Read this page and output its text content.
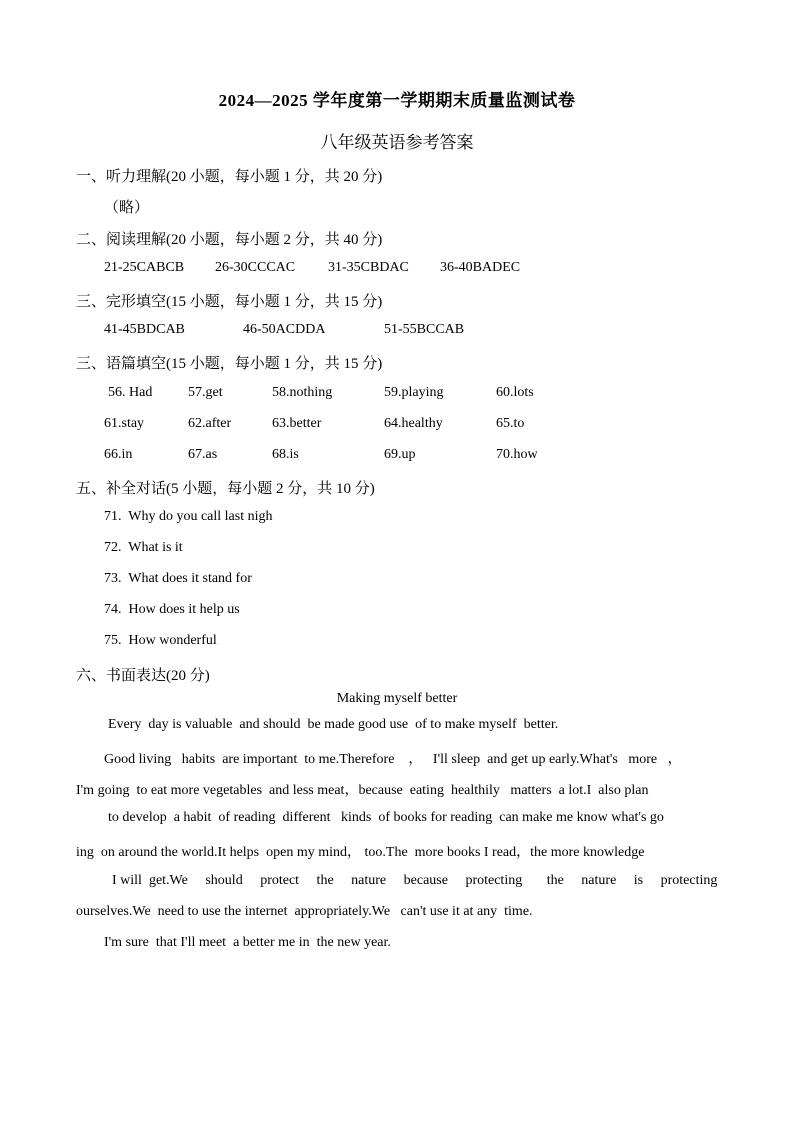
2024—2025 学年度第一学期期末质量监测试卷
八年级英语参考答案
一、听力理解(20 小题，每小题 1 分，共 20 分)
（略）
二、阅读理解(20 小题，每小题 2 分，共 40 分)
21-25CABCB 26-30CCCAC 31-35CBDAC 36-40BADEC
三、完形填空(15 小题，每小题 1 分，共 15 分)
41-45BDCAB	46-50ACDDA	51-55BCCAB
三、语篇填空(15 小题，每小题 1 分，共 15 分)
56. Had	57.get	58.nothing	59.playing	60.lots
61.stay	62.after	63.better	64.healthy	65.to
66.in	67.as	68.is	69.up	70.how
五、补全对话(5 小题，每小题 2 分，共 10 分)
71.  Why do you call last nigh
72.  What is it
73.  What does it stand for
74.  How does it help us
75.  How wonderful
六、书面表达(20 分)
Making myself better
Every  day is valuable  and should  be made good use  of to make myself  better.
Good living   habits  are important  to me.Therefore    ，   I'll sleep  and get up early.What's   more   ，
I'm going  to eat more vegetables  and less meat，because  eating  healthily   matters  a lot.I  also plan
to develop  a habit  of reading  different   kinds  of books for reading  can make me know what's go
ing  on around the world.It helps  open my mind， too.The  more books I read，the more knowledge
I will  get.We     should     protect     the     nature     because     protecting       the     nature     is     protecting
ourselves.We  need to use the internet  appropriately.We   can't use it at any  time.
I'm sure  that I'll meet  a better me in  the new year.
